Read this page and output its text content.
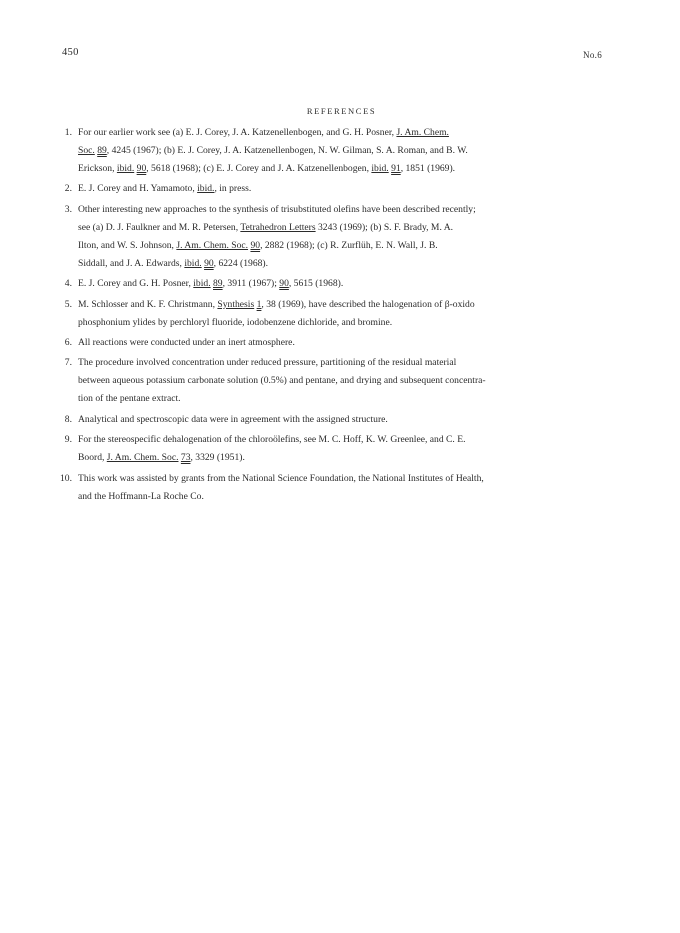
450	No.6
REFERENCES
1. For our earlier work see (a) E. J. Corey, J. A. Katzenellenbogen, and G. H. Posner, J. Am. Chem.
Soc. 89, 4245 (1967); (b) E. J. Corey, J. A. Katzenellenbogen, N. W. Gilman, S. A. Roman, and B. W.
Erickson, ibid. 90, 5618 (1968); (c) E. J. Corey and J. A. Katzenellenbogen, ibid. 91, 1851 (1969).
2. E. J. Corey and H. Yamamoto, ibid., in press.
3. Other interesting new approaches to the synthesis of trisubstituted olefins have been described recently;
see (a) D. J. Faulkner and M. R. Petersen, Tetrahedron Letters 3243 (1969); (b) S. F. Brady, M. A.
Ilton, and W. S. Johnson, J. Am. Chem. Soc. 90, 2882 (1968); (c) R. Zurflüh, E. N. Wall, J. B.
Siddall, and J. A. Edwards, ibid. 90, 6224 (1968).
4. E. J. Corey and G. H. Posner, ibid. 89, 3911 (1967); 90, 5615 (1968).
5. M. Schlosser and K. F. Christmann, Synthesis 1, 38 (1969), have described the halogenation of β-oxido
phosphonium ylides by perchloryl fluoride, iodobenzene dichloride, and bromine.
6. All reactions were conducted under an inert atmosphere.
7. The procedure involved concentration under reduced pressure, partitioning of the residual material
between aqueous potassium carbonate solution (0.5%) and pentane, and drying and subsequent concentra-
tion of the pentane extract.
8. Analytical and spectroscopic data were in agreement with the assigned structure.
9. For the stereospecific dehalogenation of the chloroölefins, see M. C. Hoff, K. W. Greenlee, and C. E.
Boord, J. Am. Chem. Soc. 73, 3329 (1951).
10. This work was assisted by grants from the National Science Foundation, the National Institutes of Health,
and the Hoffmann-La Roche Co.
